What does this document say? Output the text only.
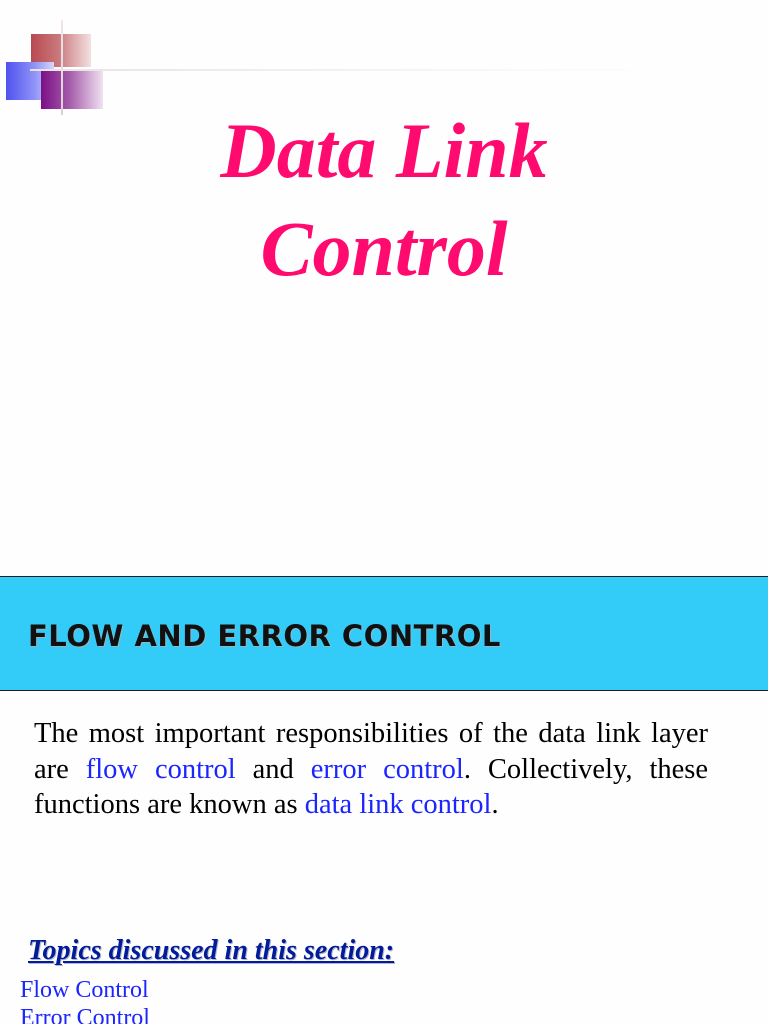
Data Link
Control
FLOW AND ERROR CONTROL

The most important responsibilities of the data link layer are flow control and error control. Collectively, these functions are known as data link control.

Topics discussed in this section:
Flow Control
Error Control
